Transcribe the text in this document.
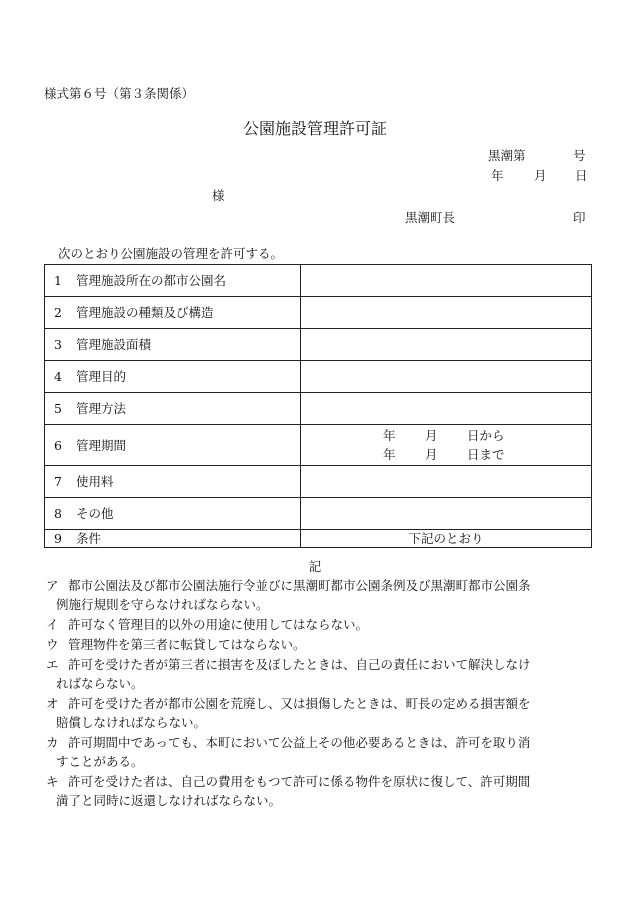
様式第６号（第３条関係）
公園施設管理許可証
黒潮第	号
年 月 日
様
黒潮町長	印
次のとおり公園施設の管理を許可する。
1 管理施設所在の都市公園名	
2 管理施設の種類及び構造	
3 管理施設面積	
4 管理目的	
5 管理方法	
6 管理期間	年 月 日から
年 月 日まで

7 使用料	
8 その他	
9 条件	下記のとおり
記
ア 都市公園法及び都市公園法施行令並びに黒潮町都市公園条例及び黒潮町都市公園条
例施行規則を守らなければならない。
イ 許可なく管理目的以外の用途に使用してはならない。
ウ 管理物件を第三者に転貸してはならない。
エ 許可を受けた者が第三者に損害を及ぼしたときは、自己の責任において解決しなけ
ればならない。
オ 許可を受けた者が都市公園を荒廃し、又は損傷したときは、町長の定める損害額を
賠償しなければならない。
カ 許可期間中であっても、本町において公益上その他必要あるときは、許可を取り消
すことがある。
キ 許可を受けた者は、自己の費用をもつて許可に係る物件を原状に復して、許可期間
満了と同時に返還しなければならない。
